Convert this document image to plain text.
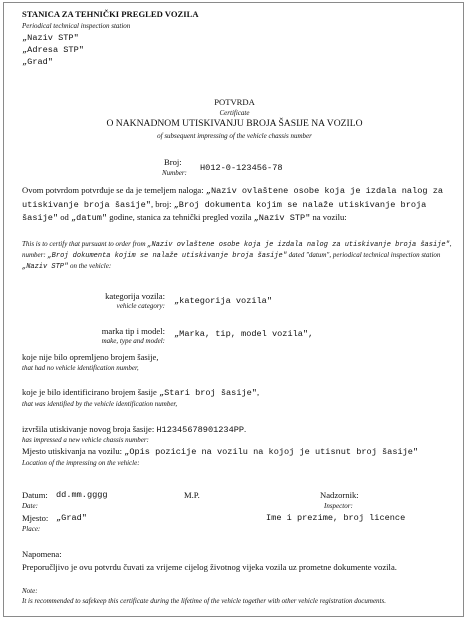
STANICA ZA TEHNIČKI PREGLED VOZILA
Periodical technical inspection station
„Naziv STP"
„Adresa STP"
„Grad"
POTVRDA
Certificate
O NAKNADNOM UTISKIVANJU BROJA ŠASIJE NA VOZILO
of subsequent impressing of the vehicle chassis number
Broj:
Number: H012-0-123456-78
Ovom potvrdom potvrđuje se da je temeljem naloga: „Naziv ovlaštene osobe koja je izdala nalog za utiskivanje broja šasije", broj: „Broj dokumenta kojim se nalaže utiskivanje broja šasije" od „datum" godine, stanica za tehnički pregled vozila „Naziv STP" na vozilu:
This is to certify that pursuant to order from „Naziv ovlaštene osobe koja je izdala nalog za utiskivanje broja šasije", number: „Broj dokumenta kojim se nalaže utiskivanje broja šasije" dated "datum", periodical technical inspection station „Naziv STP" on the vehicle:
kategorija vozila:
vehicle category: „kategorija vozila"
marka tip i model:
make, type and model:
„Marka, tip, model vozila",
koje nije bilo opremljeno brojem šasije,
that had no vehicle identification number,
koje je bilo identificirano brojem šasije „Stari broj šasije",
that was identified by the vehicle identification number,
izvršila utiskivanje novog broja šasije: H12345678901234PP.
has impressed a new vehicle chassis number:
Mjesto utiskivanja na vozilu: „Opis pozicije na vozilu na kojoj je utisnut broj šasije"
Location of the impressing on the vehicle:
Datum: dd.mm.gggg
Date:
M.P.	Nadzornik:
Inspector:
Ime i prezime, broj licence
Mjesto: „Grad"
Place:
Napomena:
Preporučljivo je ovu potvrdu čuvati za vrijeme cijelog životnog vijeka vozila uz prometne dokumente vozila.
Note:
It is recommended to safekeep this certificate during the lifetime of the vehicle together with other vehicle registration documents.
